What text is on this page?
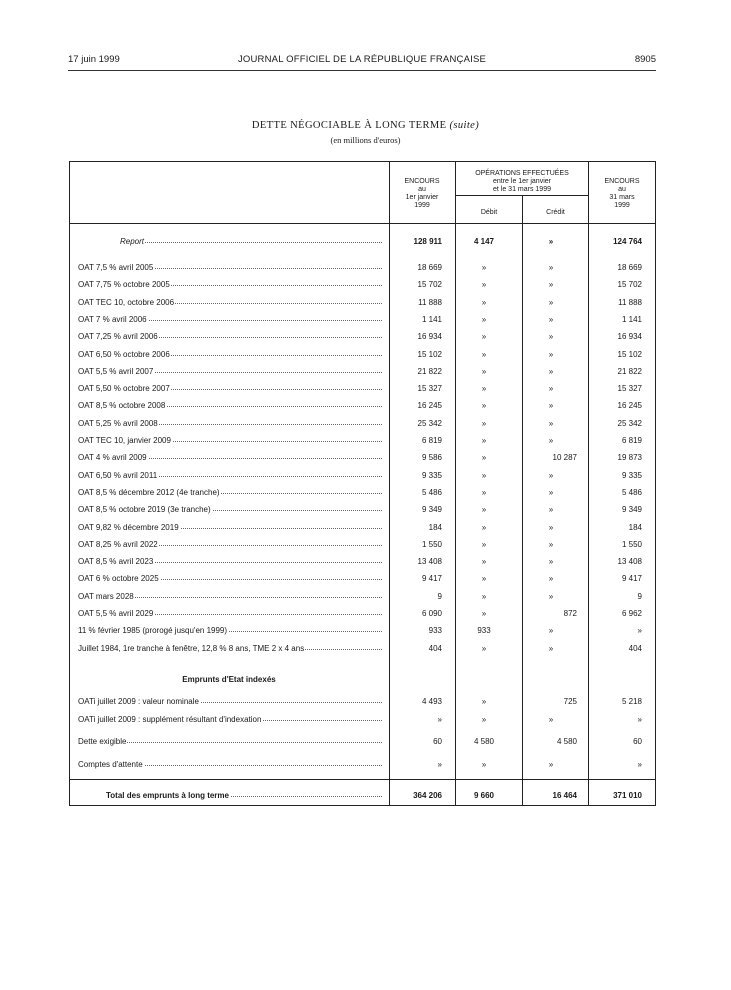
17 juin 1999	JOURNAL OFFICIEL DE LA RÉPUBLIQUE FRANÇAISE	8905
DETTE NÉGOCIABLE À LONG TERME (suite)
(en millions d'euros)
ENCOURS
au
1er janvier
1999
OPÉRATIONS EFFECTUÉES
entre le 1er janvier
et le 31 mars 1999
Débit	Crédit
ENCOURS
au
31 mars
1999
Report	128 911	4 147	»	124 764
OAT 7,5 % avril 2005	18 669	»	»	18 669
OAT 7,75 % octobre 2005	15 702	»	»	15 702
OAT TEC 10, octobre 2006	11 888	»	»	11 888
OAT 7 % avril 2006	1 141	»	»	1 141
OAT 7,25 % avril 2006	16 934	»	»	16 934
OAT 6,50 % octobre 2006	15 102	»	»	15 102
OAT 5,5 % avril 2007	21 822	»	»	21 822
OAT 5,50 % octobre 2007	15 327	»	»	15 327
OAT 8,5 % octobre 2008	16 245	»	»	16 245
OAT 5,25 % avril 2008	25 342	»	»	25 342
OAT TEC 10, janvier 2009	6 819	»	»	6 819
OAT 4 % avril 2009	9 586	»	10 287	19 873
OAT 6,50 % avril 2011	9 335	»	»	9 335
OAT 8,5 % décembre 2012 (4e tranche)	5 486	»	»	5 486
OAT 8,5 % octobre 2019 (3e tranche)	9 349	»	»	9 349
OAT 9,82 % décembre 2019	184	»	»	184
OAT 8,25 % avril 2022	1 550	»	»	1 550
OAT 8,5 % avril 2023	13 408	»	»	13 408
OAT 6 % octobre 2025	9 417	»	»	9 417
OAT mars 2028	9	»	»	9
OAT 5,5 % avril 2029	6 090	»	872	6 962
11 % février 1985 (prorogé jusqu'en 1999)	933	933	»	»
Juillet 1984, 1re tranche à fenêtre, 12,8 % 8 ans, TME 2 x 4 ans	404	»	»	404
Emprunts d'Etat indexés
OATi juillet 2009 : valeur nominale	4 493	»	725	5 218
OATi juillet 2009 : supplément résultant d'indexation	»	»	»	»
Dette exigible	60	4 580	4 580	60
Comptes d'attente	»	»	»	»
Total des emprunts à long terme	364 206	9 660	16 464	371 010
